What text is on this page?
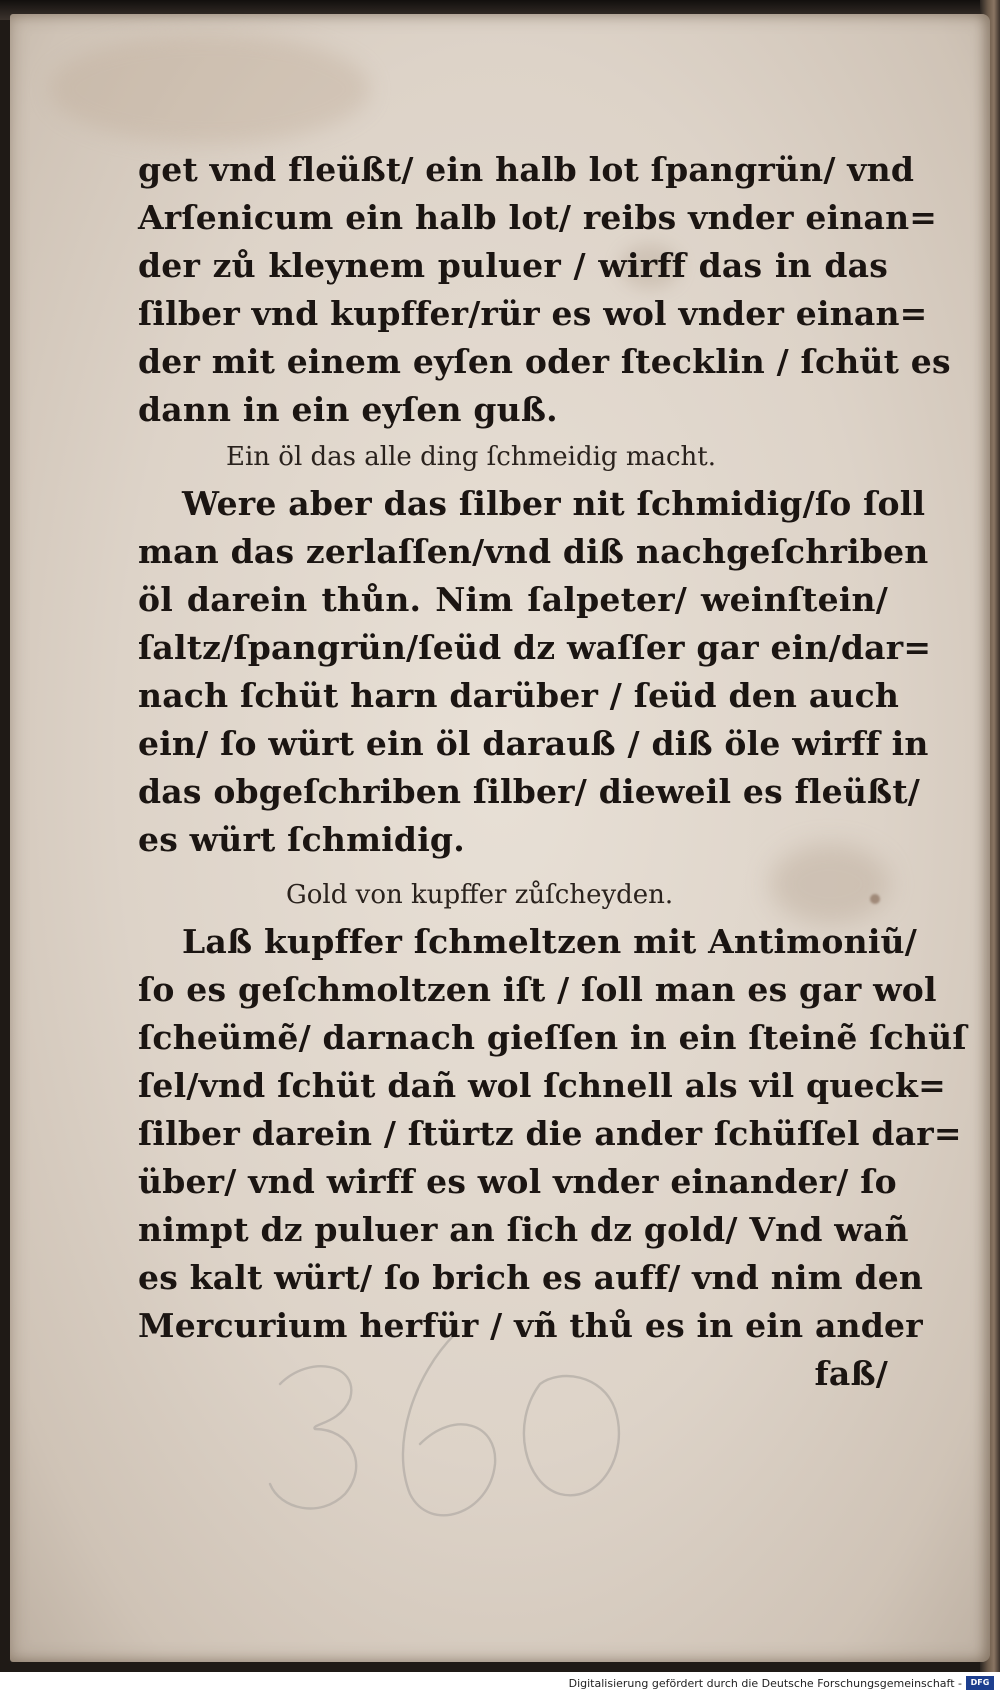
get vnd fleüßt/ ein halb lot ſpangrün/ vnd
Arſenicum ein halb lot/ reibs vnder einan=
der zů kleynem puluer / wirff das in das
ſilber vnd kupffer/rür es wol vnder einan=
der mit einem eyſen oder ſtecklin / ſchüt es
dann in ein eyſen guß.
Ein öl das alle ding ſchmeidig macht.
Were aber das ſilber nit ſchmidig/ſo ſoll
man das zerlaſſen/vnd diß nachgeſchriben
öl darein thůn. Nim ſalpeter/ weinſtein/
ſaltz/ſpangrün/ſeüd dz waſſer gar ein/dar=
nach ſchüt harn darüber / ſeüd den auch
ein/ ſo würt ein öl darauß / diß öle wirff in
das obgeſchriben ſilber/ dieweil es fleüßt/
es würt ſchmidig.
Gold von kupffer zůſcheyden.
Laß kupffer ſchmeltzen mit Antimoniũ/
ſo es geſchmoltzen iſt / ſoll man es gar wol
ſcheümẽ/ darnach gieſſen in ein ſteinẽ ſchüſ
ſel/vnd ſchüt dañ wol ſchnell als vil queck=
ſilber darein / ſtürtz die ander ſchüſſel dar=
über/ vnd wirff es wol vnder einander/ ſo
nimpt dz puluer an ſich dz gold/ Vnd wañ
es kalt würt/ ſo brich es auff/ vnd nim den
Mercurium herfür / vñ thů es in ein ander
faß/
Digitalisierung gefördert durch die Deutsche Forschungsgemeinschaft -	DFG
